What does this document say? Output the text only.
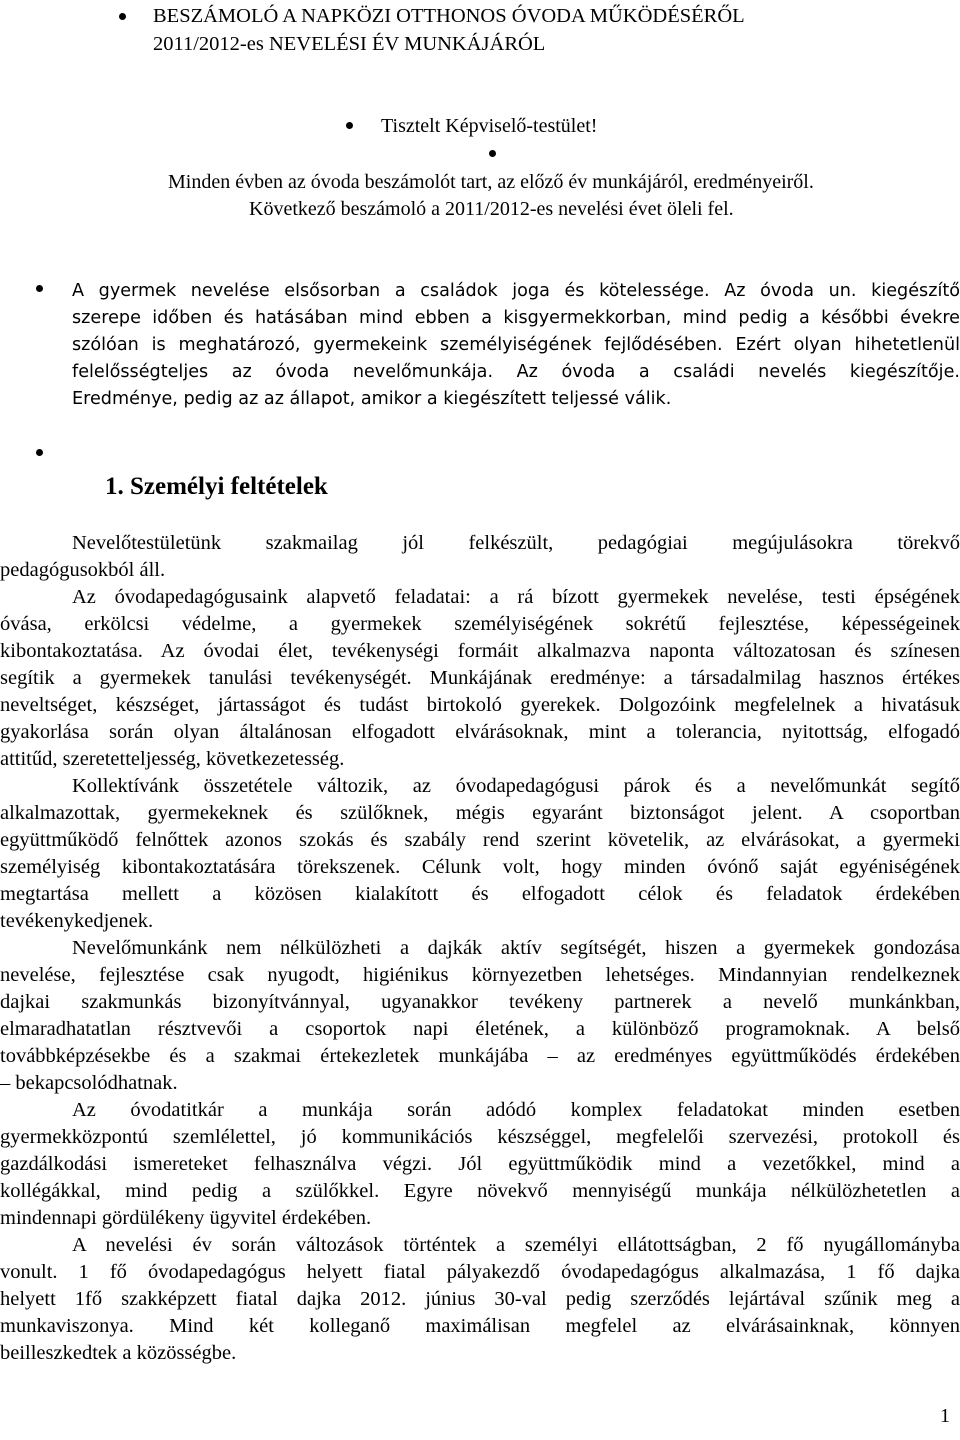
BESZÁMOLÓ A NAPKÖZI OTTHONOS ÓVODA MŰKÖDÉSÉRŐL
2011/2012-es NEVELÉSI ÉV MUNKÁJÁRÓL
Tisztelt Képviselő-testület!
Minden évben az óvoda beszámolót tart, az előző év munkájáról, eredményeiről.
Következő beszámoló a 2011/2012-es nevelési évet öleli fel.
A gyermek nevelése elsősorban a családok joga és kötelessége. Az óvoda un. kiegészítő
szerepe időben és hatásában mind ebben a kisgyermekkorban, mind pedig a későbbi évekre
szólóan is meghatározó, gyermekeink személyiségének fejlődésében. Ezért olyan hihetetlenül
felelősségteljes az óvoda nevelőmunkája. Az óvoda a családi nevelés kiegészítője.
Eredménye, pedig az az állapot, amikor a kiegészített teljessé válik.
1. Személyi feltételek
Nevelőtestületünk szakmailag jól felkészült, pedagógiai megújulásokra törekvő
pedagógusokból áll.
Az óvodapedagógusaink alapvető feladatai: a rá bízott gyermekek nevelése, testi épségének
óvása, erkölcsi védelme, a gyermekek személyiségének sokrétű fejlesztése, képességeinek
kibontakoztatása. Az óvodai élet, tevékenységi formáit alkalmazva naponta változatosan és színesen
segítik a gyermekek tanulási tevékenységét. Munkájának eredménye: a társadalmilag hasznos értékes
neveltséget, készséget, jártasságot és tudást birtokoló gyerekek. Dolgozóink megfelelnek a hivatásuk
gyakorlása során olyan általánosan elfogadott elvárásoknak, mint a tolerancia, nyitottság, elfogadó
attitűd, szeretetteljesség, következetesség.
Kollektívánk összetétele változik, az óvodapedagógusi párok és a nevelőmunkát segítő
alkalmazottak, gyermekeknek és szülőknek, mégis egyaránt biztonságot jelent. A csoportban
együttműködő felnőttek azonos szokás és szabály rend szerint követelik, az elvárásokat, a gyermeki
személyiség kibontakoztatására törekszenek. Célunk volt, hogy minden óvónő saját egyéniségének
megtartása mellett a közösen kialakított és elfogadott célok és feladatok érdekében
tevékenykedjenek.
Nevelőmunkánk nem nélkülözheti a dajkák aktív segítségét, hiszen a gyermekek gondozása
nevelése, fejlesztése csak nyugodt, higiénikus környezetben lehetséges. Mindannyian rendelkeznek
dajkai szakmunkás bizonyítvánnyal, ugyanakkor tevékeny partnerek a nevelő munkánkban,
elmaradhatatlan résztvevői a csoportok napi életének, a különböző programoknak. A belső
továbbképzésekbe és a szakmai értekezletek munkájába – az eredményes együttműködés érdekében
– bekapcsolódhatnak.
Az óvodatitkár a munkája során adódó komplex feladatokat minden esetben
gyermekközpontú szemlélettel, jó kommunikációs készséggel, megfelelői szervezési, protokoll és
gazdálkodási ismereteket felhasználva végzi. Jól együttműködik mind a vezetőkkel, mind a
kollégákkal, mind pedig a szülőkkel. Egyre növekvő mennyiségű munkája nélkülözhetetlen a
mindennapi gördülékeny ügyvitel érdekében.
A nevelési év során változások történtek a személyi ellátottságban, 2 fő nyugállományba
vonult. 1 fő óvodapedagógus helyett fiatal pályakezdő óvodapedagógus alkalmazása, 1 fő dajka
helyett 1fő szakképzett fiatal dajka 2012. június 30-val pedig szerződés lejártával szűnik meg a
munkaviszonya. Mind két kolleganő maximálisan megfelel az elvárásainknak, könnyen
beilleszkedtek a közösségbe.
1
